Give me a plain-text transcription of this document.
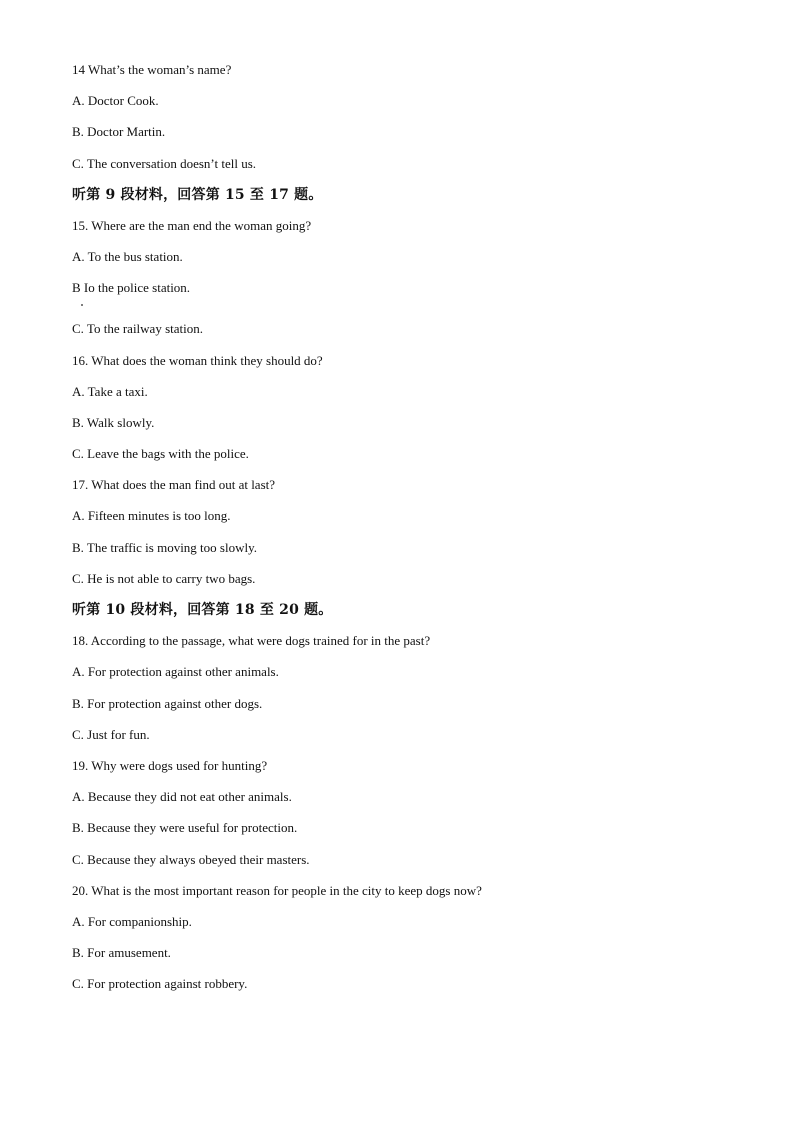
14 What’s the woman’s name?
A. Doctor Cook.
B. Doctor Martin.
C. The conversation doesn’t tell us.
听第 9 段材料，回答第 15 至 17 题。
15. Where are the man end the woman going?
A. To the bus station.
B Io the police station.
C. To the railway station.
16. What does the woman think they should do?
A. Take a taxi.
B. Walk slowly.
C. Leave the bags with the police.
17. What does the man find out at last?
A. Fifteen minutes is too long.
B. The traffic is moving too slowly.
C. He is not able to carry two bags.
听第 10 段材料，回答第 18 至 20 题。
18. According to the passage, what were dogs trained for in the past?
A. For protection against other animals.
B. For protection against other dogs.
C. Just for fun.
19. Why were dogs used for hunting?
A. Because they did not eat other animals.
B. Because they were useful for protection.
C. Because they always obeyed their masters.
20. What is the most important reason for people in the city to keep dogs now?
A. For companionship.
B. For amusement.
C. For protection against robbery.
